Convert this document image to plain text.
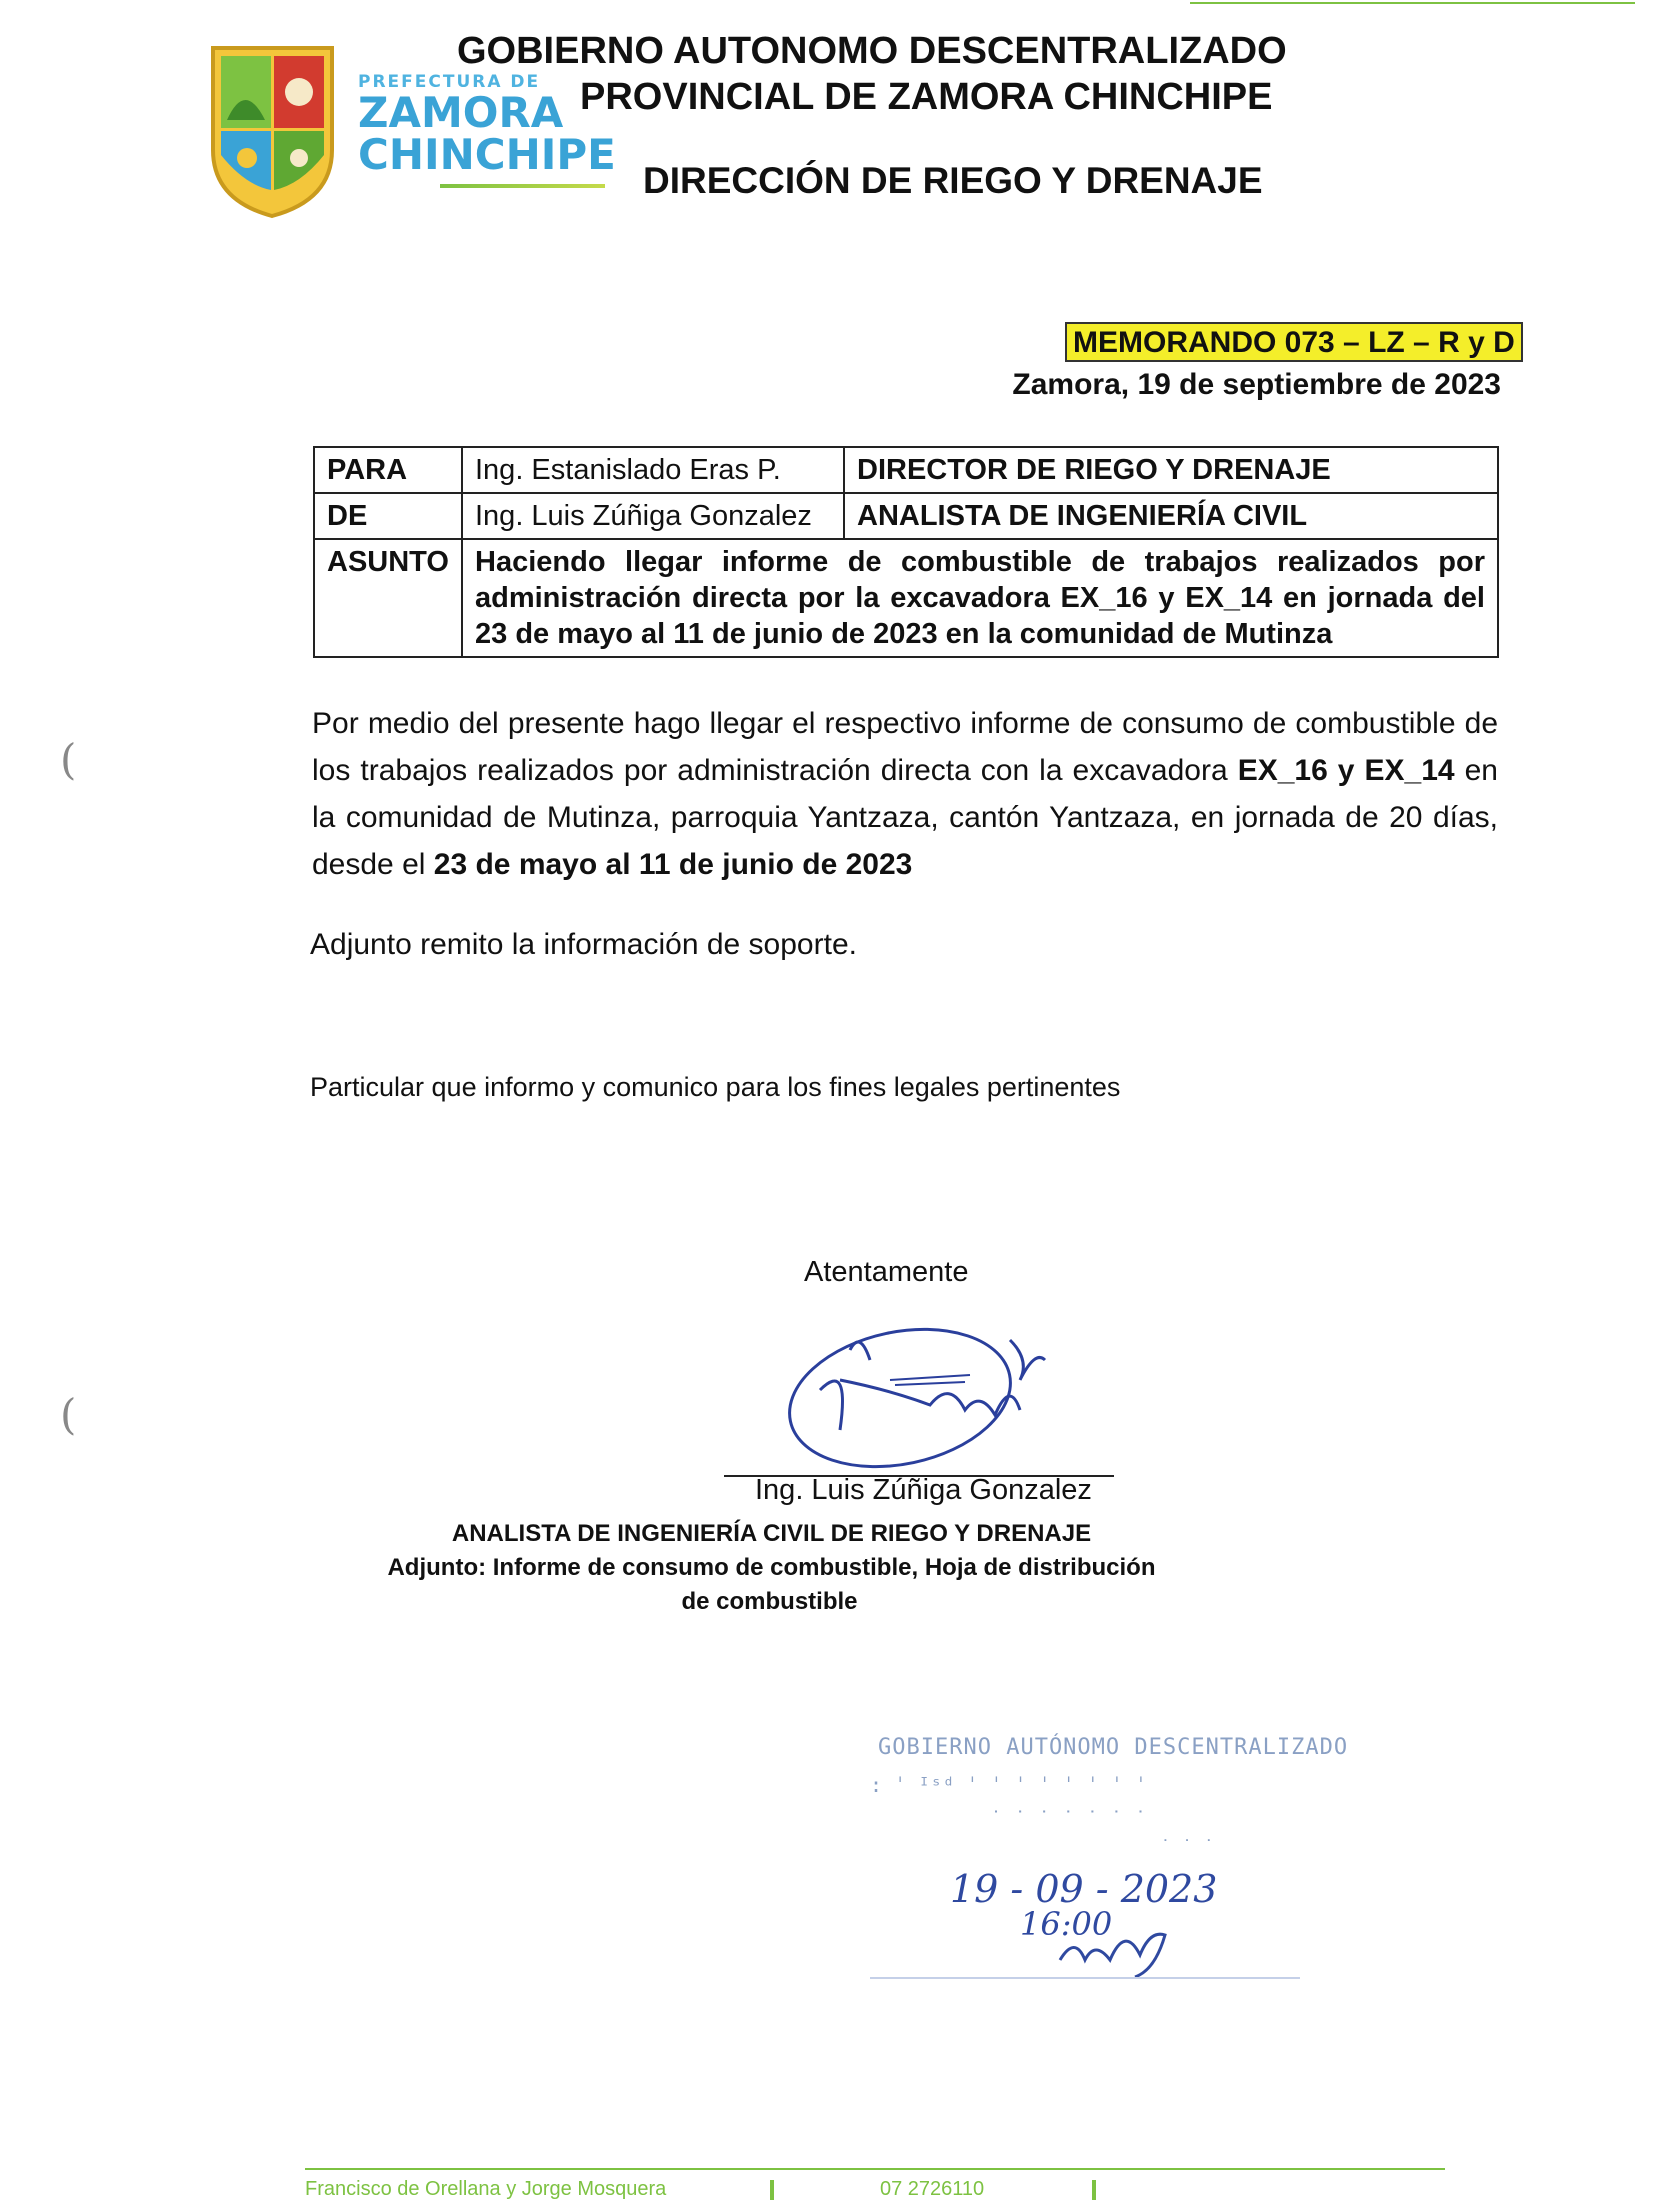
PREFECTURA DE
ZAMORA
CHINCHIPE
GOBIERNO AUTONOMO DESCENTRALIZADO
PROVINCIAL DE ZAMORA CHINCHIPE
DIRECCIÓN DE RIEGO Y DRENAJE
MEMORANDO 073 – LZ – R y D
Zamora, 19 de septiembre de 2023
PARA	Ing. Estanislado Eras P.	DIRECTOR DE RIEGO Y DRENAJE
DE	Ing. Luis Zúñiga Gonzalez	ANALISTA DE INGENIERÍA CIVIL
ASUNTO	Haciendo llegar informe de combustible de trabajos realizados por administración directa por la excavadora EX_16 y EX_14 en jornada del 23 de mayo al 11 de junio de 2023 en la comunidad de Mutinza	
Por medio del presente hago llegar el respectivo informe de consumo de combustible de los trabajos realizados por administración directa con la excavadora EX_16 y EX_14 en la comunidad de Mutinza, parroquia Yantzaza, cantón Yantzaza, en jornada de 20 días, desde el 23 de mayo al 11 de junio de 2023
Adjunto remito la información de soporte.
Particular que informo y comunico para los fines legales pertinentes
Atentamente
Ing. Luis Zúñiga Gonzalez
ANALISTA DE INGENIERÍA CIVIL DE RIEGO Y DRENAJE
Adjunto: Informe de consumo de combustible, Hoja de distribución
de combustible
GOBIERNO AUTÓNOMO DESCENTRALIZADO
: ˈ ᴵˢᵈ ˈ ˈ ˈ ˈ ˈ ˈ ˈ ˈ
˙ ˙ ˙ ˙ ˙ ˙ ˙
˙ ˙ ˙
19 - 09 - 2023
16:00
(
(
Francisco de Orellana y Jorge Mosquera	07 2726110
